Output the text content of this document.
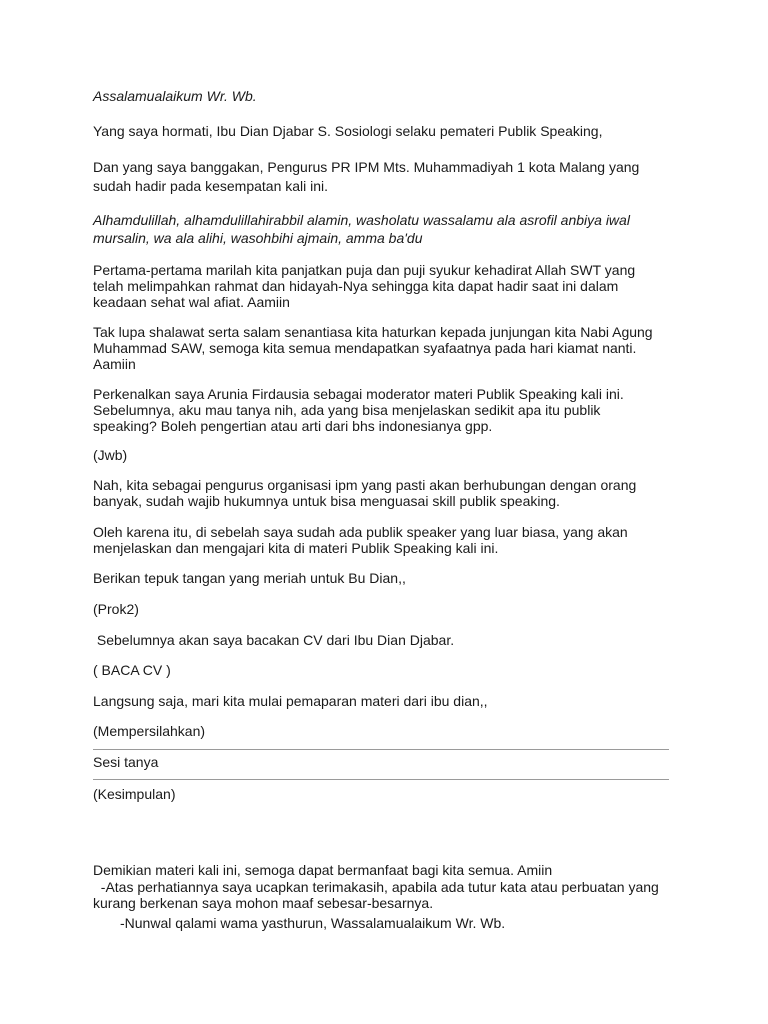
Assalamualaikum Wr. Wb.

Yang saya hormati, Ibu Dian Djabar S. Sosiologi selaku pemateri Publik Speaking,

Dan yang saya banggakan, Pengurus PR IPM Mts. Muhammadiyah 1 kota Malang yang sudah hadir pada kesempatan kali ini.

Alhamdulillah, alhamdulillahirabbil alamin, washolatu wassalamu ala asrofil anbiya iwal mursalin, wa ala alihi, wasohbihi ajmain, amma ba'du

Pertama-pertama marilah kita panjatkan puja dan puji syukur kehadirat Allah SWT yang telah melimpahkan rahmat dan hidayah-Nya sehingga kita dapat hadir saat ini dalam keadaan sehat wal afiat. Aamiin

Tak lupa shalawat serta salam senantiasa kita haturkan kepada junjungan kita Nabi Agung Muhammad SAW, semoga kita semua mendapatkan syafaatnya pada hari kiamat nanti. Aamiin

Perkenalkan saya Arunia Firdausia sebagai moderator materi Publik Speaking kali ini. Sebelumnya, aku mau tanya nih, ada yang bisa menjelaskan sedikit apa itu publik speaking? Boleh pengertian atau arti dari bhs indonesianya gpp.

(Jwb)

Nah, kita sebagai pengurus organisasi ipm yang pasti akan berhubungan dengan orang banyak, sudah wajib hukumnya untuk bisa menguasai skill publik speaking.

Oleh karena itu, di sebelah saya sudah ada publik speaker yang luar biasa, yang akan menjelaskan dan mengajari kita di materi Publik Speaking kali ini.

Berikan tepuk tangan yang meriah untuk Bu Dian,,

(Prok2)

Sebelumnya akan saya bacakan CV dari Ibu Dian Djabar.

( BACA CV )

Langsung saja, mari kita mulai pemaparan materi dari ibu dian,,

(Mempersilahkan)

Sesi tanya

(Kesimpulan)

Demikian materi kali ini, semoga dapat bermanfaat bagi kita semua. Amiin

-Atas perhatiannya saya ucapkan terimakasih, apabila ada tutur kata atau perbuatan yang kurang berkenan saya mohon maaf sebesar-besarnya.

-Nunwal qalami wama yasthurun, Wassalamualaikum Wr. Wb.
